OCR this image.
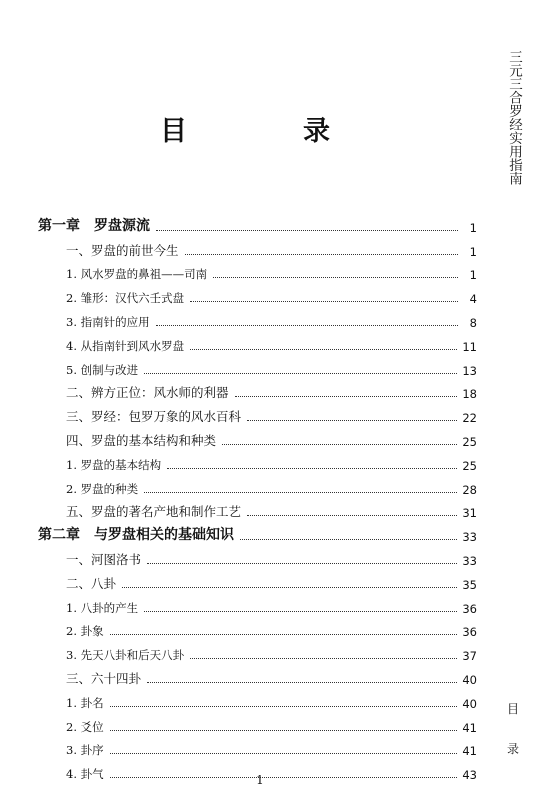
三元三合罗经实用指南
目
录
目	录
第一章　罗盘源流	1
一、罗盘的前世今生	1
1. 风水罗盘的鼻祖——司南	1
2. 雏形：汉代六壬式盘	4
3. 指南针的应用	8
4. 从指南针到风水罗盘	11
5. 创制与改进	13
二、辨方正位：风水师的利器	18
三、罗经：包罗万象的风水百科	22
四、罗盘的基本结构和种类	25
1. 罗盘的基本结构	25
2. 罗盘的种类	28
五、罗盘的著名产地和制作工艺	31
第二章　与罗盘相关的基础知识	33
一、河图洛书	33
二、八卦	35
1. 八卦的产生	36
2. 卦象	36
3. 先天八卦和后天八卦	37
三、六十四卦	40
1. 卦名	40
2. 爻位	41
3. 卦序	41
4. 卦气	43
1
